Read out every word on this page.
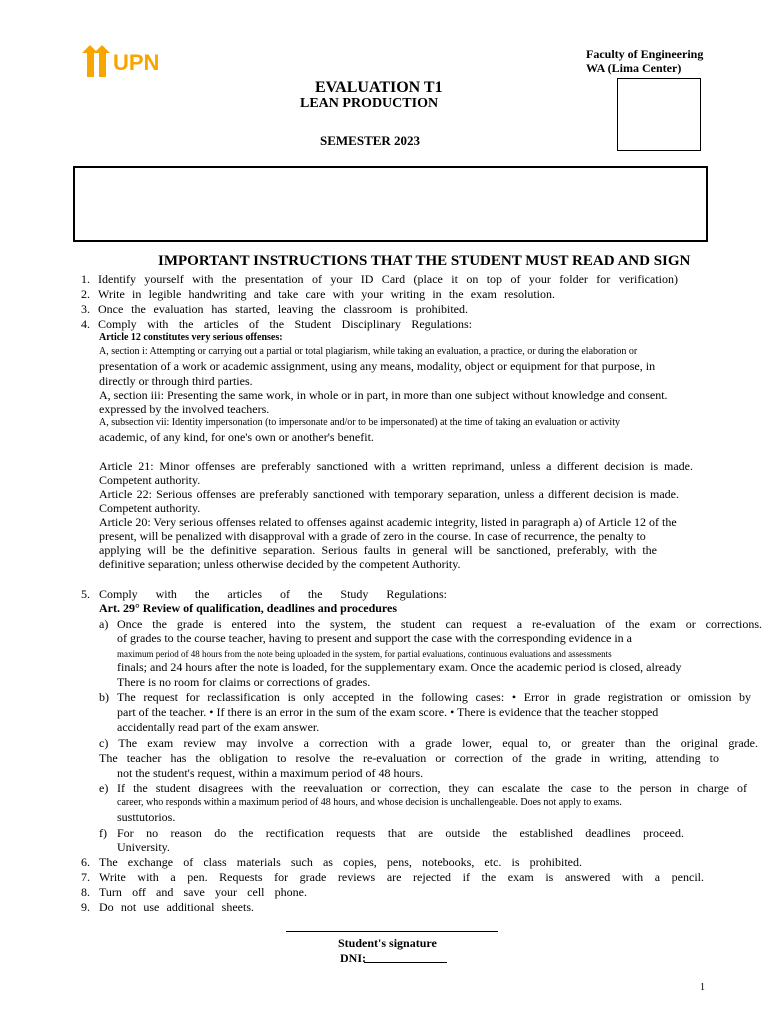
UPN	Faculty of Engineering
WA (Lima Center)
EVALUATION T1
LEAN PRODUCTION
SEMESTER 2023
IMPORTANT INSTRUCTIONS THAT THE STUDENT MUST READ AND SIGN
1. Identify yourself with the presentation of your ID Card (place it on top of your folder for verification)
2. Write in legible handwriting and take care with your writing in the exam resolution.
3. Once the evaluation has started, leaving the classroom is prohibited.
4. Comply with the articles of the Student Disciplinary Regulations:
Article 12 constitutes very serious offenses:
A, section i: Attempting or carrying out a partial or total plagiarism, while taking an evaluation, a practice, or during the elaboration or
presentation of a work or academic assignment, using any means, modality, object or equipment for that purpose, in
directly or through third parties.
A, section iii: Presenting the same work, in whole or in part, in more than one subject without knowledge and consent.
expressed by the involved teachers.
A, subsection vii: Identity impersonation (to impersonate and/or to be impersonated) at the time of taking an evaluation or activity
academic, of any kind, for one's own or another's benefit.
Article 21: Minor offenses are preferably sanctioned with a written reprimand, unless a different decision is made.
Competent authority.
Article 22: Serious offenses are preferably sanctioned with temporary separation, unless a different decision is made.
Competent authority.
Article 20: Very serious offenses related to offenses against academic integrity, listed in paragraph a) of Article 12 of the
present, will be penalized with disapproval with a grade of zero in the course. In case of recurrence, the penalty to
applying will be the definitive separation. Serious faults in general will be sanctioned, preferably, with the
definitive separation; unless otherwise decided by the competent Authority.
5. Comply with the articles of the Study Regulations:
Art. 29° Review of qualification, deadlines and procedures
a) Once the grade is entered into the system, the student can request a re-evaluation of the exam or corrections.
of grades to the course teacher, having to present and support the case with the corresponding evidence in a
maximum period of 48 hours from the note being uploaded in the system, for partial evaluations, continuous evaluations and assessments
finals; and 24 hours after the note is loaded, for the supplementary exam. Once the academic period is closed, already
There is no room for claims or corrections of grades.
b) The request for reclassification is only accepted in the following cases: • Error in grade registration or omission by
part of the teacher. • If there is an error in the sum of the exam score. • There is evidence that the teacher stopped
accidentally read part of the exam answer.
c) The exam review may involve a correction with a grade lower, equal to, or greater than the original grade.
The teacher has the obligation to resolve the re-evaluation or correction of the grade in writing, attending to
not the student's request, within a maximum period of 48 hours.
e) If the student disagrees with the reevaluation or correction, they can escalate the case to the person in charge of
career, who responds within a maximum period of 48 hours, and whose decision is unchallengeable. Does not apply to exams.
susttutorios.
f) For no reason do the rectification requests that are outside the established deadlines proceed.
University.
6. The exchange of class materials such as copies, pens, notebooks, etc. is prohibited.
7. Write with a pen. Requests for grade reviews are rejected if the exam is answered with a pencil.
8. Turn off and save your cell phone.
9. Do not use additional sheets.
Student's signature
DNI:
1
